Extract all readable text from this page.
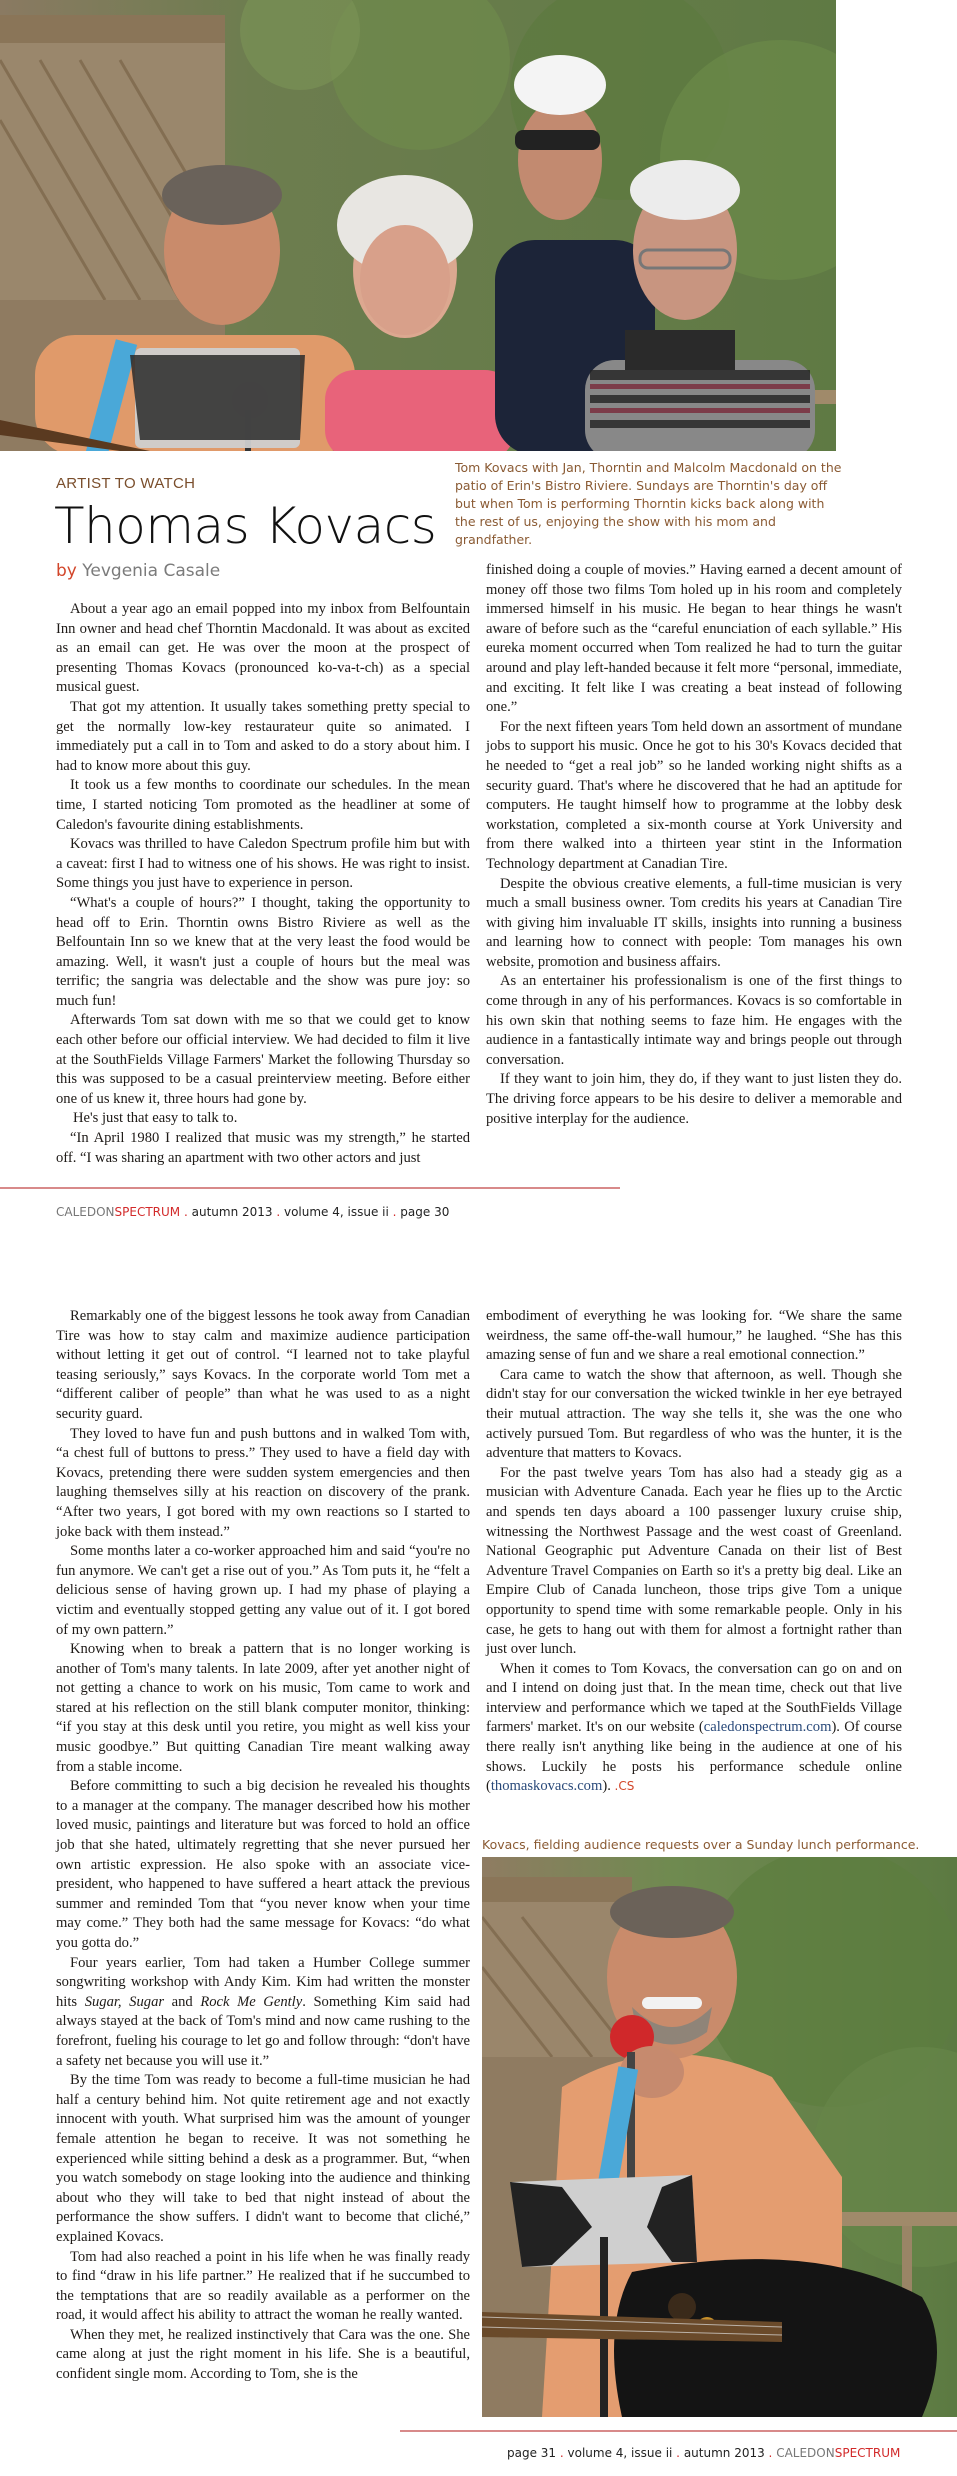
ARTIST TO WATCH
Thomas Kovacs
by Yevgenia Casale
Tom Kovacs with Jan, Thorntin and Malcolm Macdonald on the patio of Erin's Bistro Riviere. Sundays are Thorntin's day off but when Tom is performing Thorntin kicks back along with the rest of us, enjoying the show with his mom and grandfather.

About a year ago an email popped into my inbox from Belfountain Inn owner and head chef Thorntin Macdonald. It was about as excited as an email can get. He was over the moon at the prospect of presenting Thomas Kovacs (pronounced ko-va-t-ch) as a special musical guest.

That got my attention. It usually takes something pretty special to get the normally low-key restaurateur quite so animated. I immediately put a call in to Tom and asked to do a story about him. I had to know more about this guy.

It took us a few months to coordinate our schedules. In the mean time, I started noticing Tom promoted as the headliner at some of Caledon's favourite dining establishments.

Kovacs was thrilled to have Caledon Spectrum profile him but with a caveat: first I had to witness one of his shows. He was right to insist. Some things you just have to experience in person.

“What's a couple of hours?” I thought, taking the opportunity to head off to Erin. Thorntin owns Bistro Riviere as well as the Belfountain Inn so we knew that at the very least the food would be amazing. Well, it wasn't just a couple of hours but the meal was terrific; the sangria was delectable and the show was pure joy: so much fun!

Afterwards Tom sat down with me so that we could get to know each other before our official interview. We had decided to film it live at the SouthFields Village Farmers' Market the following Thursday so this was supposed to be a casual preinterview meeting. Before either one of us knew it, three hours had gone by.

He's just that easy to talk to.

“In April 1980 I realized that music was my strength,” he started off. “I was sharing an apartment with two other actors and just

finished doing a couple of movies.” Having earned a decent amount of money off those two films Tom holed up in his room and completely immersed himself in his music. He began to hear things he wasn't aware of before such as the “careful enunciation of each syllable.” His eureka moment occurred when Tom realized he had to turn the guitar around and play left-handed because it felt more “personal, immediate, and exciting. It felt like I was creating a beat instead of following one.”

For the next fifteen years Tom held down an assortment of mundane jobs to support his music. Once he got to his 30's Kovacs decided that he needed to “get a real job” so he landed working night shifts as a security guard. That's where he discovered that he had an aptitude for computers. He taught himself how to programme at the lobby desk workstation, completed a six-month course at York University and from there walked into a thirteen year stint in the Information Technology department at Canadian Tire.

Despite the obvious creative elements, a full-time musician is very much a small business owner. Tom credits his years at Canadian Tire with giving him invaluable IT skills, insights into running a business and learning how to connect with people: Tom manages his own website, promotion and business affairs.

As an entertainer his professionalism is one of the first things to come through in any of his performances. Kovacs is so comfortable in his own skin that nothing seems to faze him. He engages with the audience in a fantastically intimate way and brings people out through conversation.

If they want to join him, they do, if they want to just listen they do. The driving force appears to be his desire to deliver a memorable and positive interplay for the audience.

CALEDONSPECTRUM . autumn 2013 . volume 4, issue ii . page 30

Remarkably one of the biggest lessons he took away from Canadian Tire was how to stay calm and maximize audience participation without letting it get out of control. “I learned not to take playful teasing seriously,” says Kovacs. In the corporate world Tom met a “different caliber of people” than what he was used to as a night security guard.

They loved to have fun and push buttons and in walked Tom with, “a chest full of buttons to press.” They used to have a field day with Kovacs, pretending there were sudden system emergencies and then laughing themselves silly at his reaction on discovery of the prank. “After two years, I got bored with my own reactions so I started to joke back with them instead.”

Some months later a co-worker approached him and said “you're no fun anymore. We can't get a rise out of you.” As Tom puts it, he “felt a delicious sense of having grown up. I had my phase of playing a victim and eventually stopped getting any value out of it. I got bored of my own pattern.”

Knowing when to break a pattern that is no longer working is another of Tom's many talents. In late 2009, after yet another night of not getting a chance to work on his music, Tom came to work and stared at his reflection on the still blank computer monitor, thinking: “if you stay at this desk until you retire, you might as well kiss your music goodbye.” But quitting Canadian Tire meant walking away from a stable income.

Before committing to such a big decision he revealed his thoughts to a manager at the company. The manager described how his mother loved music, paintings and literature but was forced to hold an office job that she hated, ultimately regretting that she never pursued her own artistic expression. He also spoke with an associate vice-president, who happened to have suffered a heart attack the previous summer and reminded Tom that “you never know when your time may come.” They both had the same message for Kovacs: “do what you gotta do.”

Four years earlier, Tom had taken a Humber College summer songwriting workshop with Andy Kim. Kim had written the monster hits Sugar, Sugar and Rock Me Gently. Something Kim said had always stayed at the back of Tom's mind and now came rushing to the forefront, fueling his courage to let go and follow through: “don't have a safety net because you will use it.”

By the time Tom was ready to become a full-time musician he had half a century behind him. Not quite retirement age and not exactly innocent with youth. What surprised him was the amount of younger female attention he began to receive. It was not something he experienced while sitting behind a desk as a programmer. But, “when you watch somebody on stage looking into the audience and thinking about who they will take to bed that night instead of about the performance the show suffers. I didn't want to become that cliché,” explained Kovacs.

Tom had also reached a point in his life when he was finally ready to find “draw in his life partner.” He realized that if he succumbed to the temptations that are so readily available as a performer on the road, it would affect his ability to attract the woman he really wanted.

When they met, he realized instinctively that Cara was the one. She came along at just the right moment in his life. She is a beautiful, confident single mom. According to Tom, she is the

embodiment of everything he was looking for. “We share the same weirdness, the same off-the-wall humour,” he laughed. “She has this amazing sense of fun and we share a real emotional connection.”

Cara came to watch the show that afternoon, as well. Though she didn't stay for our conversation the wicked twinkle in her eye betrayed their mutual attraction. The way she tells it, she was the one who actively pursued Tom. But regardless of who was the hunter, it is the adventure that matters to Kovacs.

For the past twelve years Tom has also had a steady gig as a musician with Adventure Canada. Each year he flies up to the Arctic and spends ten days aboard a 100 passenger luxury cruise ship, witnessing the Northwest Passage and the west coast of Greenland. National Geographic put Adventure Canada on their list of Best Adventure Travel Companies on Earth so it's a pretty big deal. Like an Empire Club of Canada luncheon, those trips give Tom a unique opportunity to spend time with some remarkable people. Only in his case, he gets to hang out with them for almost a fortnight rather than just over lunch.

When it comes to Tom Kovacs, the conversation can go on and on and I intend on doing just that. In the mean time, check out that live interview and performance which we taped at the SouthFields Village farmers' market. It's on our website (caledonspectrum.com). Of course there really isn't anything like being in the audience at one of his shows. Luckily he posts his performance schedule online (thomaskovacs.com). .CS

Kovacs, fielding audience requests over a Sunday lunch performance.
page 31 . volume 4, issue ii . autumn 2013 . CALEDONSPECTRUM
